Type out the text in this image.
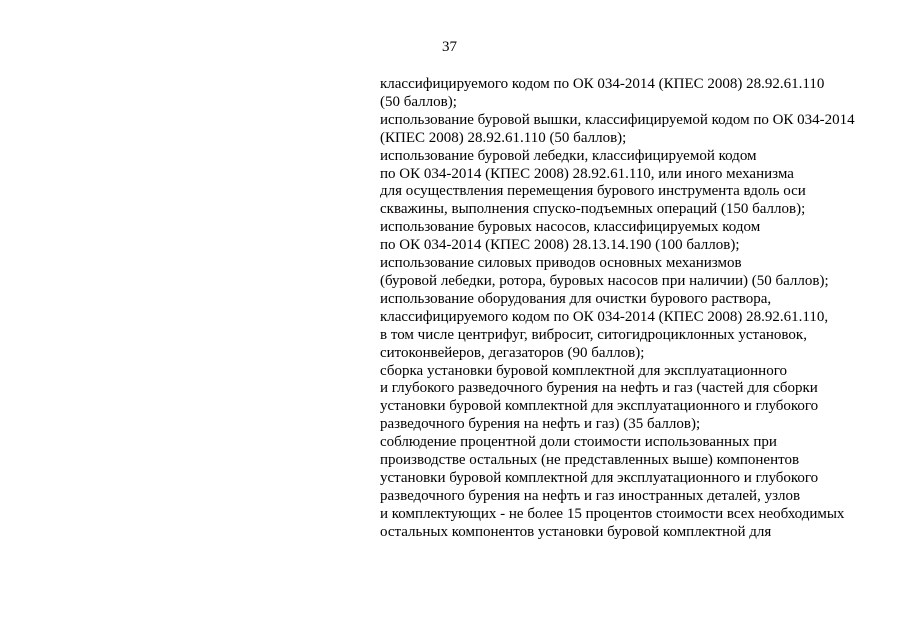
37
классифицируемого кодом по ОК 034-2014 (КПЕС 2008) 28.92.61.110
(50 баллов);
использование буровой вышки, классифицируемой кодом по ОК 034-2014
(КПЕС 2008) 28.92.61.110 (50 баллов);
использование буровой лебедки, классифицируемой кодом
по ОК 034-2014 (КПЕС 2008) 28.92.61.110, или иного механизма
для осуществления перемещения бурового инструмента вдоль оси
скважины, выполнения спуско-подъемных операций (150 баллов);
использование буровых насосов, классифицируемых кодом
по ОК 034-2014 (КПЕС 2008) 28.13.14.190 (100 баллов);
использование силовых приводов основных механизмов
(буровой лебедки, ротора, буровых насосов при наличии) (50 баллов);
использование оборудования для очистки бурового раствора,
классифицируемого кодом по ОК 034-2014 (КПЕС 2008) 28.92.61.110,
в том числе центрифуг, вибросит, ситогидроциклонных установок,
ситоконвейеров, дегазаторов (90 баллов);
сборка установки буровой комплектной для эксплуатационного
и глубокого разведочного бурения на нефть и газ (частей для сборки
установки буровой комплектной для эксплуатационного и глубокого
разведочного бурения на нефть и газ) (35 баллов);
соблюдение процентной доли стоимости использованных при
производстве остальных (не представленных выше) компонентов
установки буровой комплектной для эксплуатационного и глубокого
разведочного бурения на нефть и газ иностранных деталей, узлов
и комплектующих - не более 15 процентов стоимости всех необходимых
остальных компонентов установки буровой комплектной для
